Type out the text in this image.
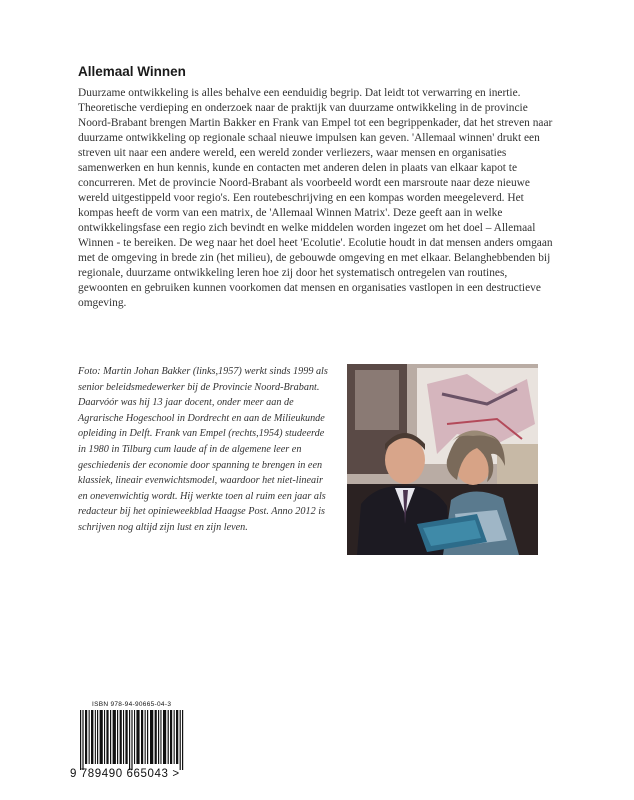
Allemaal Winnen

Duurzame ontwikkeling is alles behalve een eenduidig begrip. Dat leidt tot verwarring en inertie. Theoretische verdieping en onderzoek naar de praktijk van duurzame ontwikkeling in de provincie Noord-Brabant brengen Martin Bakker en Frank van Empel tot een begrippenkader, dat het streven naar duurzame ontwikkeling op regionale schaal nieuwe impulsen kan geven. 'Allemaal winnen' drukt een streven uit naar een andere wereld, een wereld zonder verliezers, waar mensen en organisaties samenwerken en hun kennis, kunde en contacten met anderen delen in plaats van elkaar kapot te concurreren. Met de provincie Noord-Brabant als voorbeeld wordt een marsroute naar deze nieuwe wereld uitgestippeld voor regio's. Een routebeschrijving en een kompas worden meegeleverd. Het kompas heeft de vorm van een matrix, de 'Allemaal Winnen Matrix'. Deze geeft aan in welke ontwikkelingsfase een regio zich bevindt en welke middelen worden ingezet om het doel – Allemaal Winnen - te bereiken. De weg naar het doel heet 'Ecolutie'. Ecolutie houdt in dat mensen anders omgaan met de omgeving in brede zin (het milieu), de gebouwde omgeving en met elkaar. Belanghebbenden bij regionale, duurzame ontwikkeling leren hoe zij door het systematisch ontregelen van routines, gewoonten en gebruiken kunnen voorkomen dat mensen en organisaties vastlopen in een destructieve omgeving.

Foto: Martin Johan Bakker (links,1957) werkt sinds 1999 als senior beleidsmedewerker bij de Provincie Noord-Brabant. Daarvóór was hij 13 jaar docent, onder meer aan de Agrarische Hogeschool in Dordrecht en aan de Milieukunde opleiding in Delft. Frank van Empel (rechts,1954) studeerde in 1980 in Tilburg cum laude af in de algemene leer en geschiedenis der economie door spanning te brengen in een klassiek, lineair evenwichtsmodel, waardoor het niet-lineair en onevenwichtig wordt. Hij werkte toen al ruim een jaar als redacteur bij het opinieweekblad Haagse Post. Anno 2012 is schrijven nog altijd zijn lust en zijn leven.

ISBN 978-94-90665-04-3
9 789490 665043 >
